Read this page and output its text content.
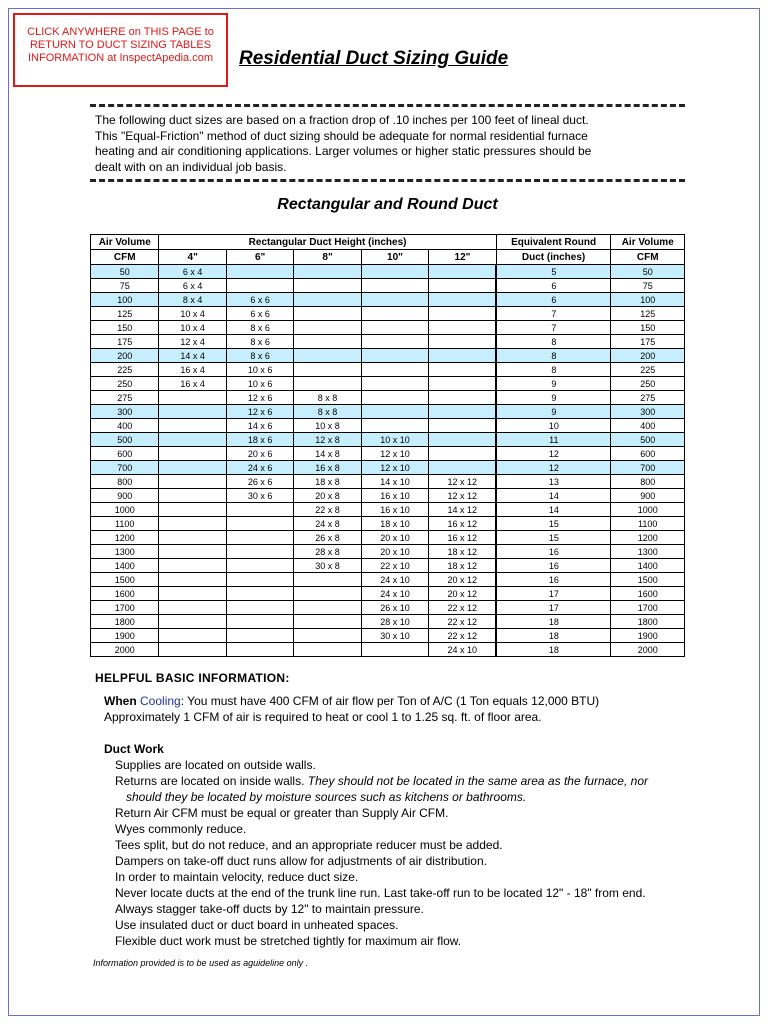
CLICK ANYWHERE on THIS PAGE to
RETURN TO DUCT SIZING TABLES
INFORMATION at InspectApedia.com	Residential Duct Sizing Guide
The following duct sizes are based on a fraction drop of .10 inches per 100 feet of lineal duct.
This "Equal-Friction" method of duct sizing should be adequate for normal residential furnace
heating and air conditioning applications. Larger volumes or higher static pressures should be
dealt with on an individual job basis.
Rectangular and Round Duct
Air Volume	Rectangular Duct Height (inches)					Equivalent Round	Air Volume
CFM	4"	6"	8"	10"	12"	Duct (inches)	CFM
50	6 x 4					5	50
75	6 x 4					6	75
100	8 x 4	6 x 6				6	100
125	10 x 4	6 x 6				7	125
150	10 x 4	8 x 6				7	150
175	12 x 4	8 x 6				8	175
200	14 x 4	8 x 6				8	200
225	16 x 4	10 x 6				8	225
250	16 x 4	10 x 6				9	250
275		12 x 6	8 x 8			9	275
300		12 x 6	8 x 8			9	300
400		14 x 6	10 x 8			10	400
500		18 x 6	12 x 8	10 x 10		11	500
600		20 x 6	14 x 8	12 x 10		12	600
700		24 x 6	16 x 8	12 x 10		12	700
800		26 x 6	18 x 8	14 x 10	12 x 12	13	800
900		30 x 6	20 x 8	16 x 10	12 x 12	14	900
1000			22 x 8	16 x 10	14 x 12	14	1000
1100			24 x 8	18 x 10	16 x 12	15	1100
1200			26 x 8	20 x 10	16 x 12	15	1200
1300			28 x 8	20 x 10	18 x 12	16	1300
1400			30 x 8	22 x 10	18 x 12	16	1400
1500				24 x 10	20 x 12	16	1500
1600				24 x 10	20 x 12	17	1600
1700				26 x 10	22 x 12	17	1700
1800				28 x 10	22 x 12	18	1800
1900				30 x 10	22 x 12	18	1900
2000					24 x 10	18	2000
HELPFUL BASIC INFORMATION:
When Cooling: You must have 400 CFM of air flow per Ton of A/C (1 Ton equals 12,000 BTU)
Approximately 1 CFM of air is required to heat or cool 1 to 1.25 sq. ft. of floor area.
Duct Work
Supplies are located on outside walls.
Returns are located on inside walls. They should not be located in the same area as the furnace, nor
should they be located by moisture sources such as kitchens or bathrooms.
Return Air CFM must be equal or greater than Supply Air CFM.
Wyes commonly reduce.
Tees split, but do not reduce, and an appropriate reducer must be added.
Dampers on take-off duct runs allow for adjustments of air distribution.
In order to maintain velocity, reduce duct size.
Never locate ducts at the end of the trunk line run. Last take-off run to be located 12" - 18" from end.
Always stagger take-off ducts by 12" to maintain pressure.
Use insulated duct or duct board in unheated spaces.
Flexible duct work must be stretched tightly for maximum air flow.
Information provided is to be used as aguideline only .
